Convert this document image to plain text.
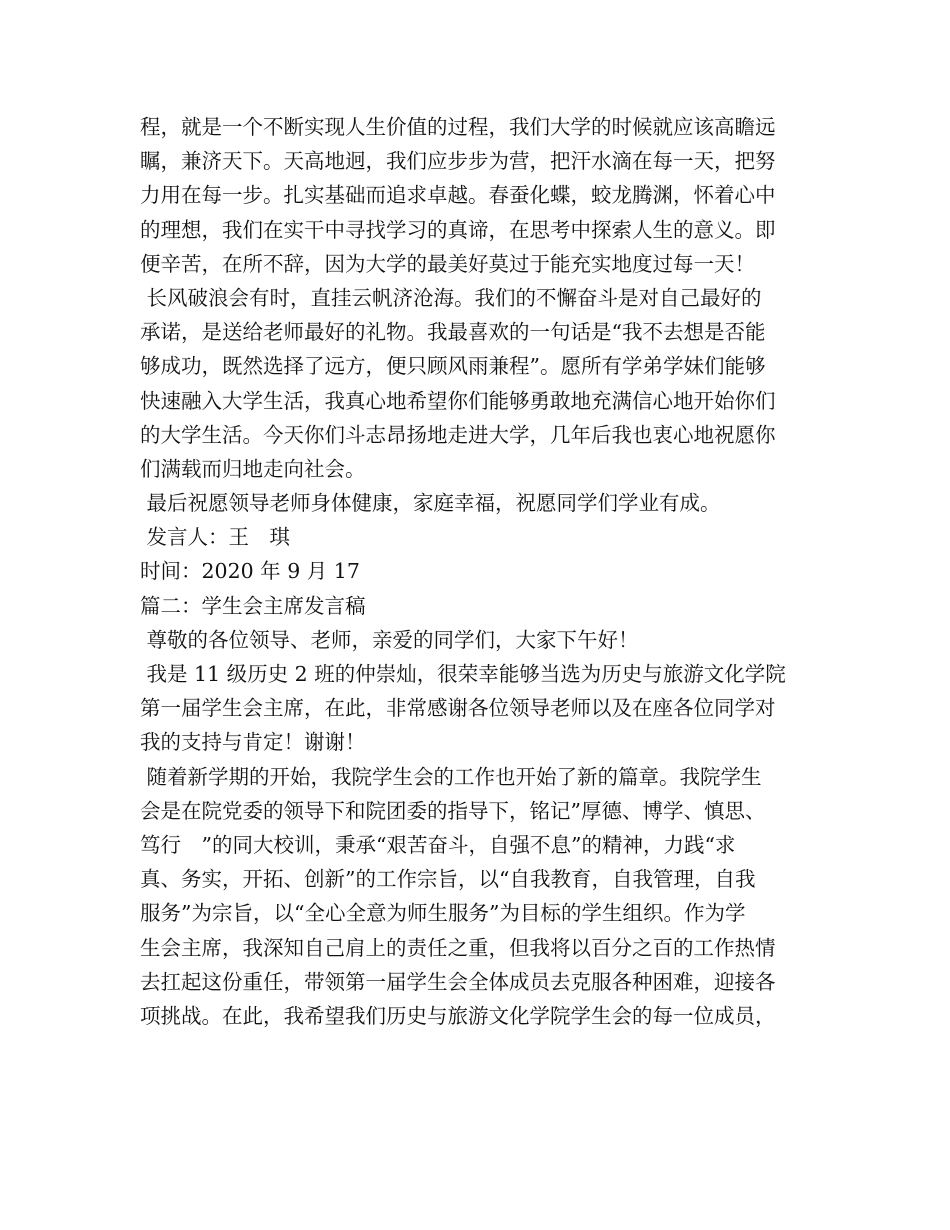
程，就是一个不断实现人生价值的过程，我们大学的时候就应该高瞻远
瞩，兼济天下。天高地迥，我们应步步为营，把汗水滴在每一天，把努
力用在每一步。扎实基础而追求卓越。春蚕化蝶，蛟龙腾渊，怀着心中
的理想，我们在实干中寻找学习的真谛，在思考中探索人生的意义。即
便辛苦，在所不辞，因为大学的最美好莫过于能充实地度过每一天！
长风破浪会有时，直挂云帆济沧海。我们的不懈奋斗是对自己最好的
承诺，是送给老师最好的礼物。我最喜欢的一句话是“我不去想是否能
够成功，既然选择了远方，便只顾风雨兼程”。愿所有学弟学妹们能够
快速融入大学生活，我真心地希望你们能够勇敢地充满信心地开始你们
的大学生活。今天你们斗志昂扬地走进大学，几年后我也衷心地祝愿你
们满载而归地走向社会。
最后祝愿领导老师身体健康，家庭幸福，祝愿同学们学业有成。
发言人：王　琪
时间：2020 年 9 月 17
篇二：学生会主席发言稿
尊敬的各位领导、老师，亲爱的同学们，大家下午好！
我是 11 级历史 2 班的仲崇灿，很荣幸能够当选为历史与旅游文化学院
第一届学生会主席，在此，非常感谢各位领导老师以及在座各位同学对
我的支持与肯定！谢谢！
随着新学期的开始，我院学生会的工作也开始了新的篇章。我院学生
会是在院党委的领导下和院团委的指导下，铭记”厚德、博学、慎思、
笃行　”的同大校训，秉承“艰苦奋斗，自强不息”的精神，力践“求
真、务实，开拓、创新”的工作宗旨，以“自我教育，自我管理，自我
服务”为宗旨，以“全心全意为师生服务”为目标的学生组织。作为学
生会主席，我深知自己肩上的责任之重，但我将以百分之百的工作热情
去扛起这份重任，带领第一届学生会全体成员去克服各种困难，迎接各
项挑战。在此，我希望我们历史与旅游文化学院学生会的每一位成员，
